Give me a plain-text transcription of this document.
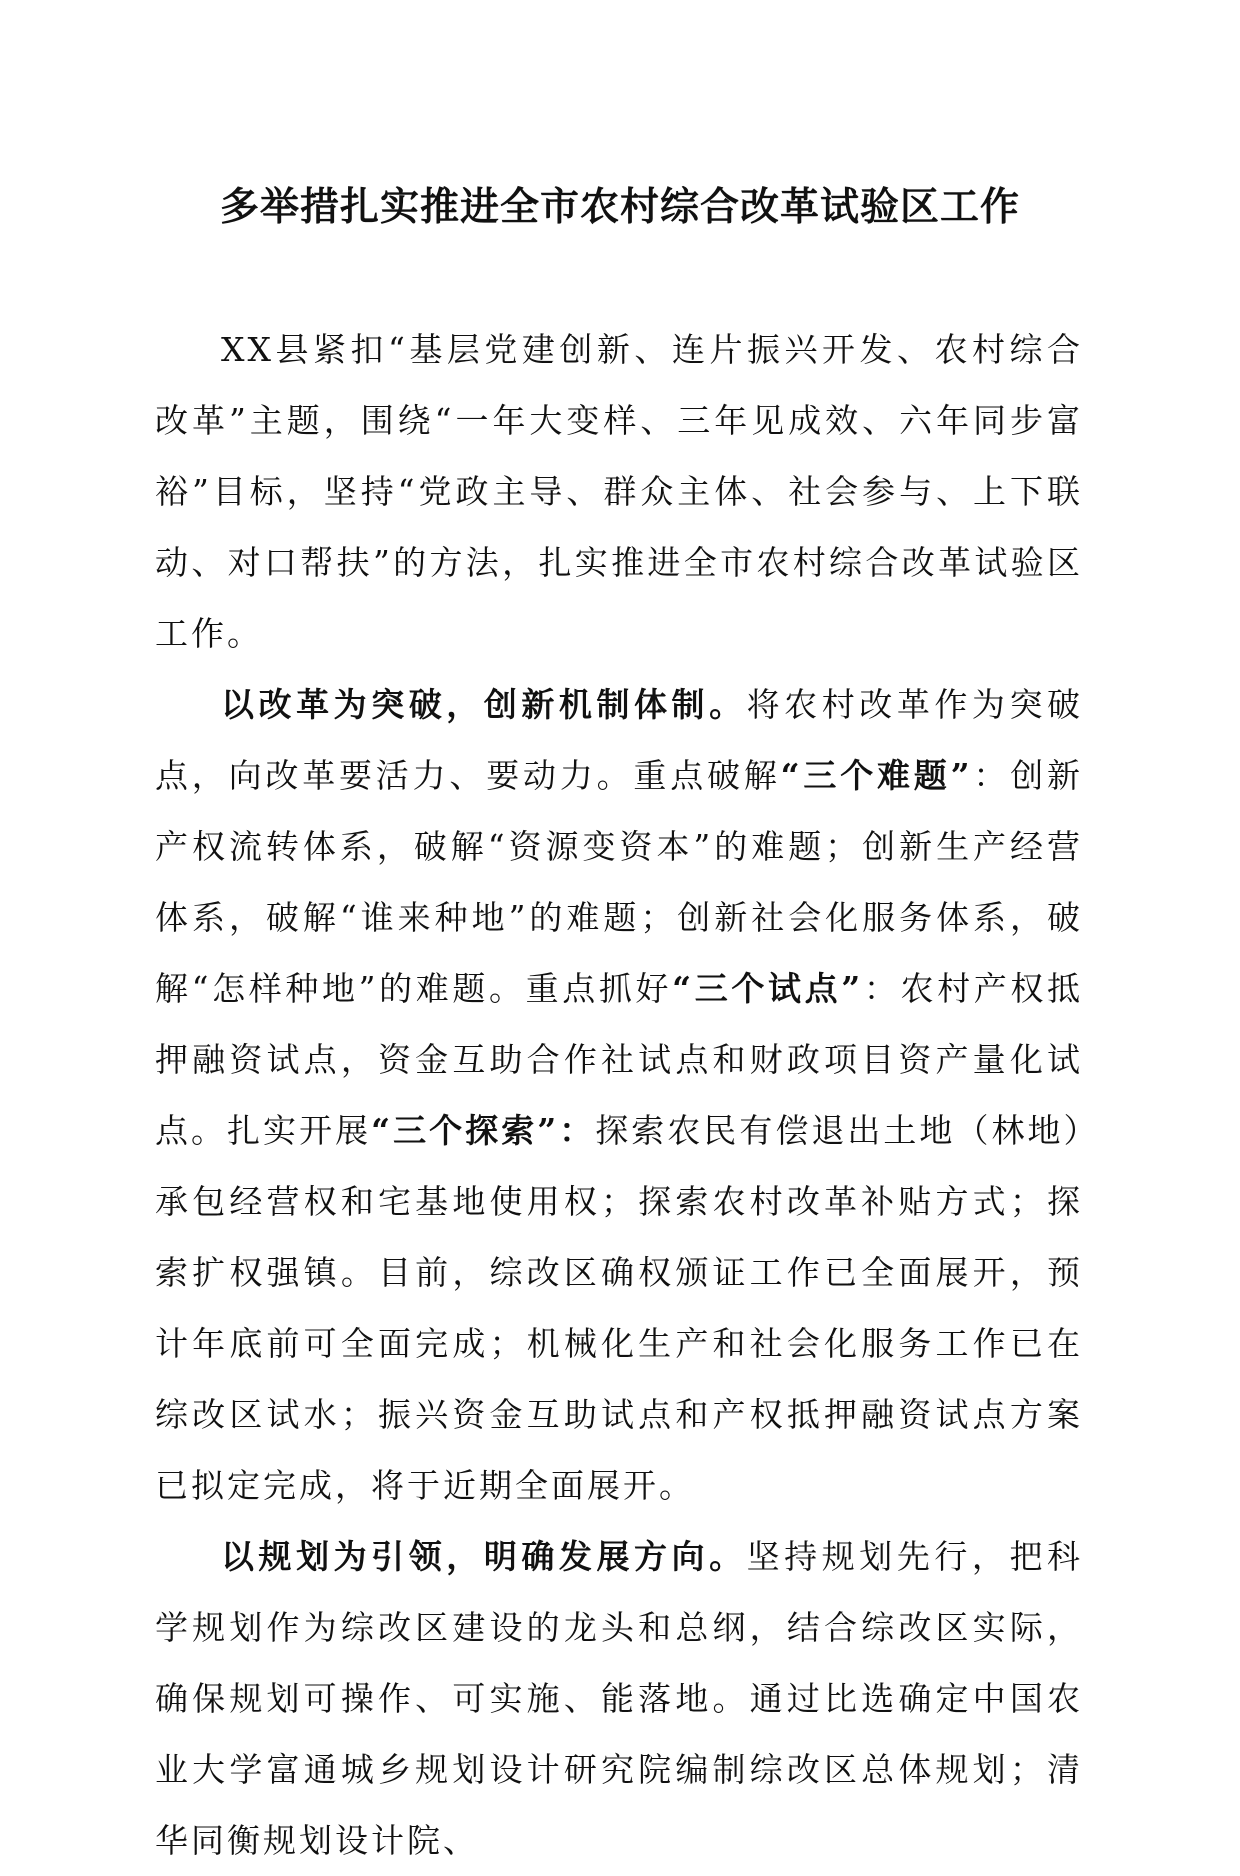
多举措扎实推进全市农村综合改革试验区工作

XX县紧扣“基层党建创新、连片振兴开发、农村综合改革”主题，围绕“一年大变样、三年见成效、六年同步富裕”目标，坚持“党政主导、群众主体、社会参与、上下联动、对口帮扶”的方法，扎实推进全市农村综合改革试验区工作。

以改革为突破，创新机制体制。将农村改革作为突破点，向改革要活力、要动力。重点破解“三个难题”：创新产权流转体系，破解“资源变资本”的难题；创新生产经营体系，破解“谁来种地”的难题；创新社会化服务体系，破解“怎样种地”的难题。重点抓好“三个试点”：农村产权抵押融资试点，资金互助合作社试点和财政项目资产量化试点。扎实开展“三个探索”：探索农民有偿退出土地（林地）承包经营权和宅基地使用权；探索农村改革补贴方式；探索扩权强镇。目前，综改区确权颁证工作已全面展开，预计年底前可全面完成；机械化生产和社会化服务工作已在综改区试水；振兴资金互助试点和产权抵押融资试点方案已拟定完成，将于近期全面展开。

以规划为引领，明确发展方向。坚持规划先行，把科学规划作为综改区建设的龙头和总纲，结合综改区实际，确保规划可操作、可实施、能落地。通过比选确定中国农业大学富通城乡规划设计研究院编制综改区总体规划；清华同衡规划设计院、
